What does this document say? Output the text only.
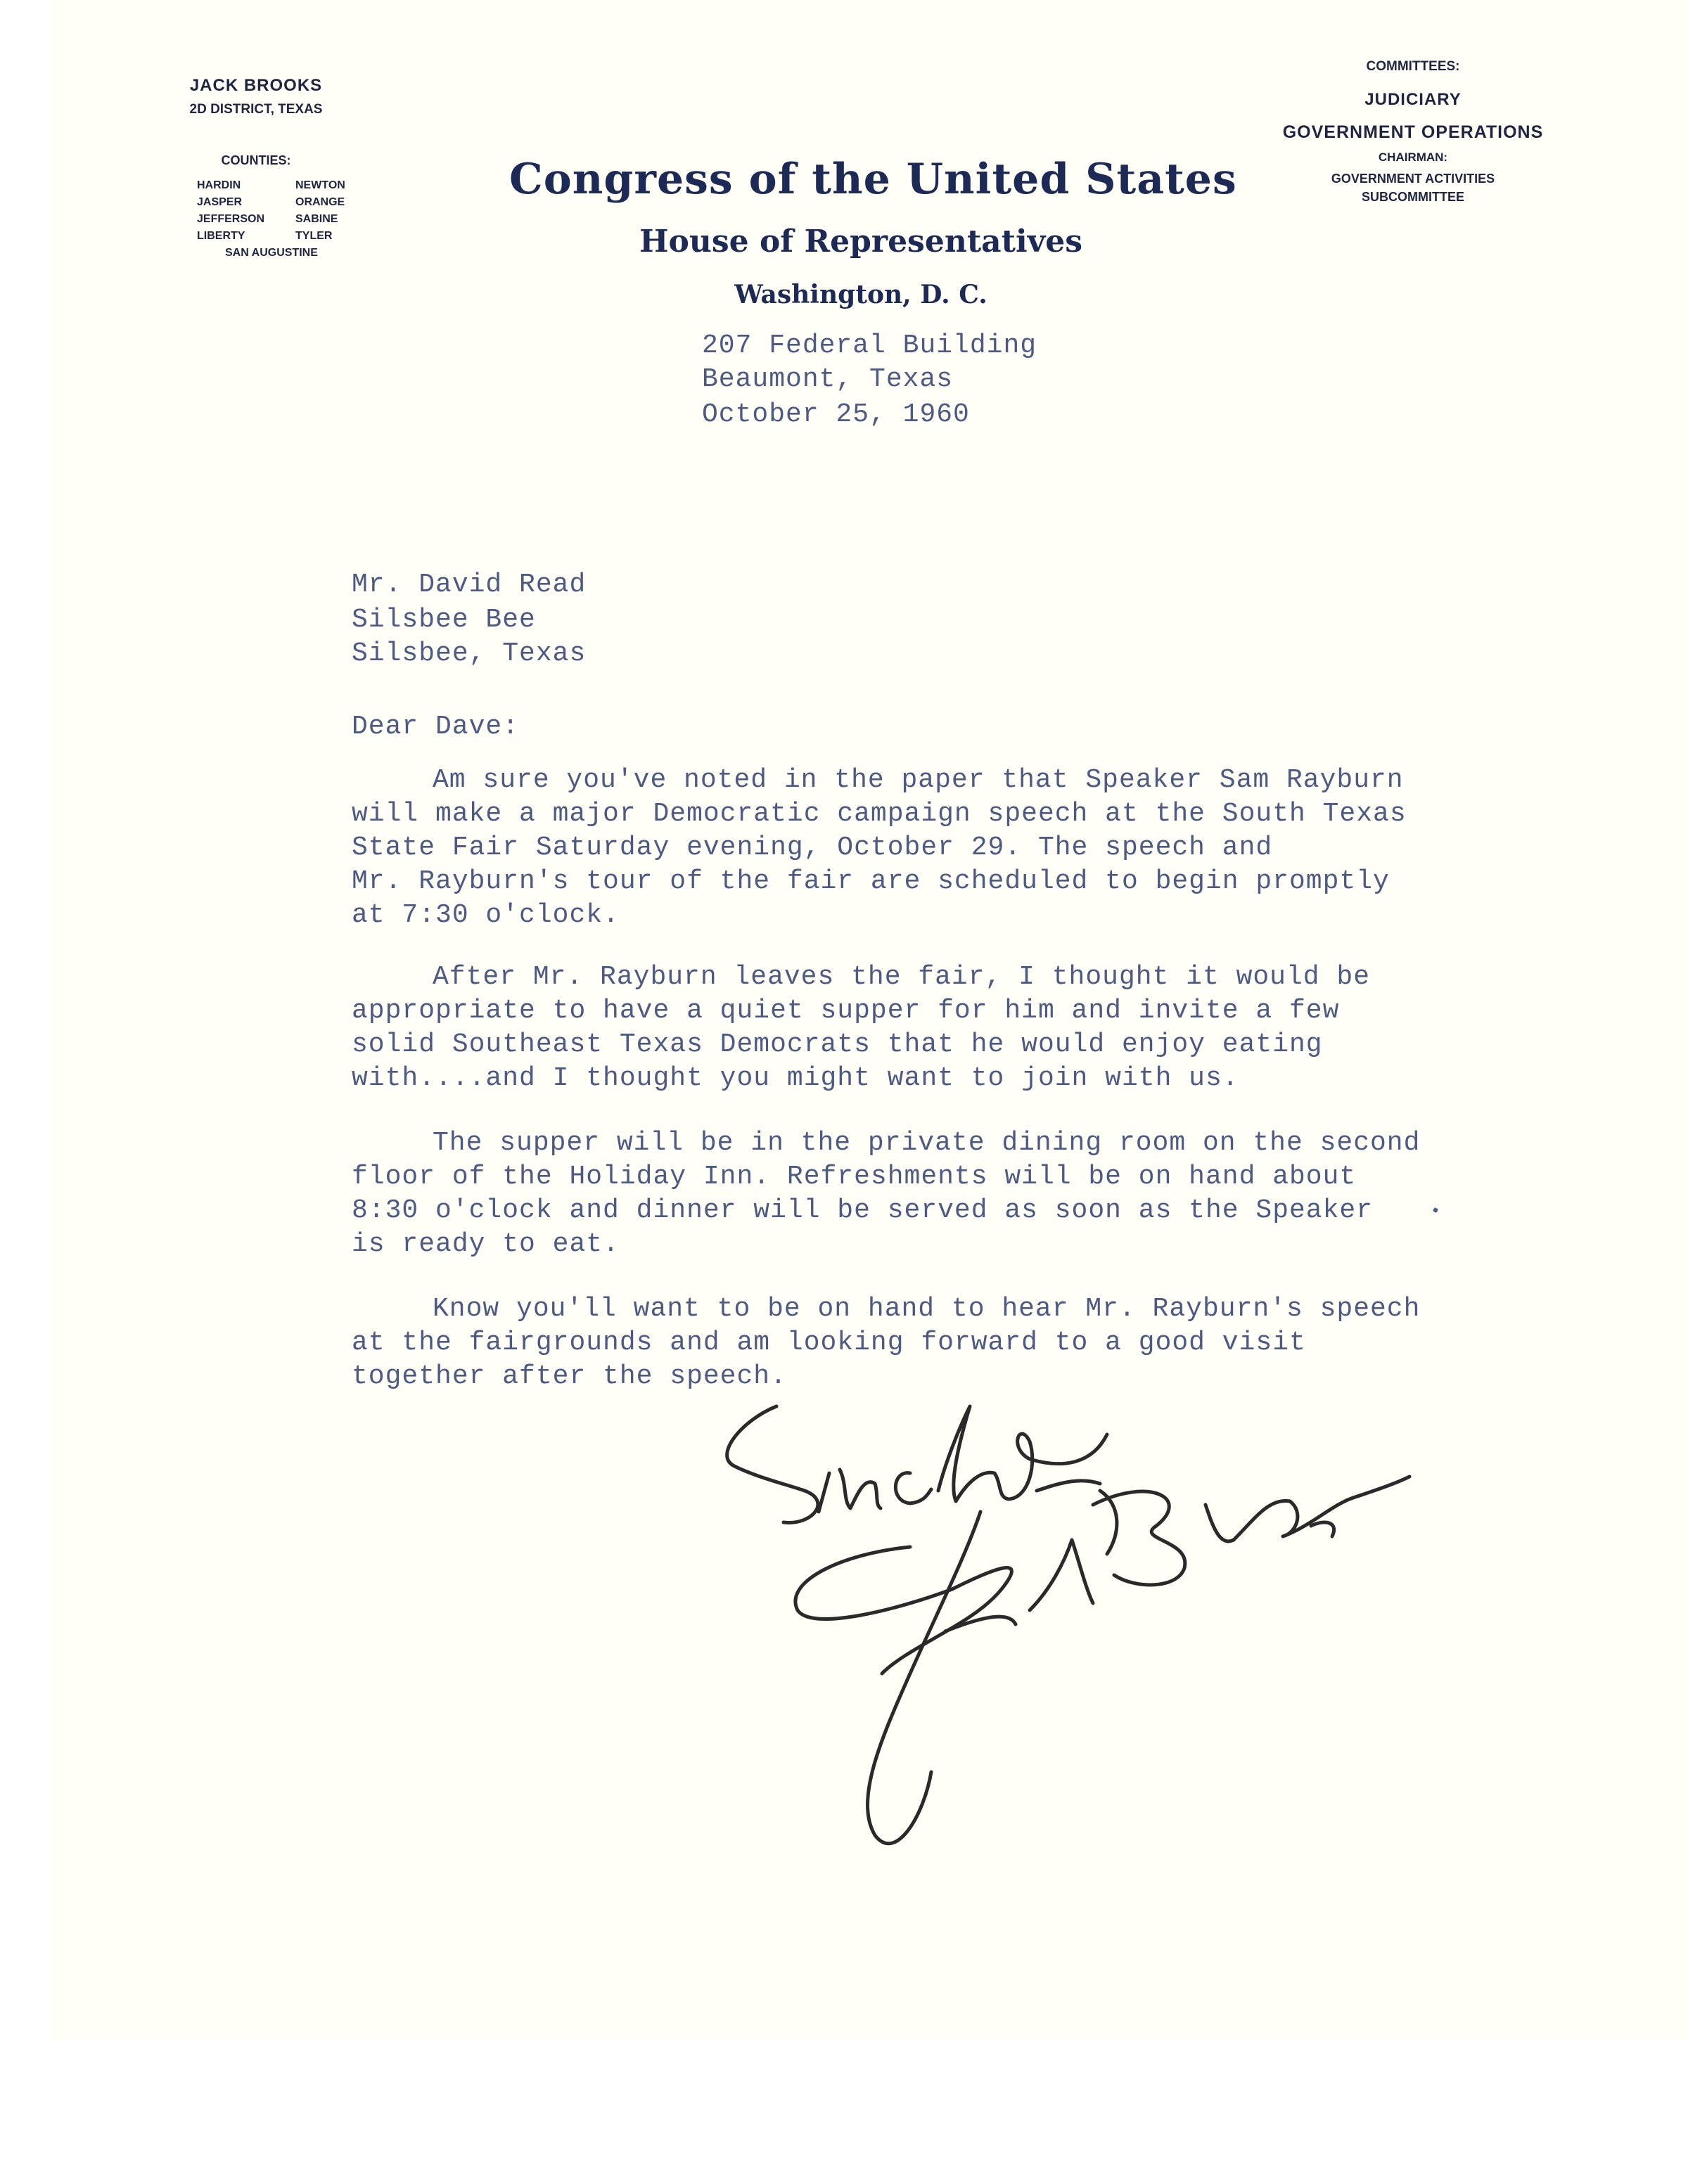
JACK BROOKS
2D DISTRICT, TEXAS
COUNTIES:
HARDIN	NEWTON
JASPER	ORANGE
JEFFERSON	SABINE
LIBERTY	TYLER
SAN AUGUSTINE
Congress of the United States
House of Representatives
Washington, D. C.
COMMITTEES:
JUDICIARY
GOVERNMENT OPERATIONS
CHAIRMAN:
GOVERNMENT ACTIVITIES
SUBCOMMITTEE
207 Federal Building
Beaumont, Texas
October 25, 1960
Mr. David Read
Silsbee Bee
Silsbee, Texas
Dear Dave:
Am sure you've noted in the paper that Speaker Sam Rayburn
will make a major Democratic campaign speech at the South Texas
State Fair Saturday evening, October 29. The speech and
Mr. Rayburn's tour of the fair are scheduled to begin promptly
at 7:30 o'clock.
After Mr. Rayburn leaves the fair, I thought it would be
appropriate to have a quiet supper for him and invite a few
solid Southeast Texas Democrats that he would enjoy eating
with....and I thought you might want to join with us.
The supper will be in the private dining room on the second
floor of the Holiday Inn. Refreshments will be on hand about
8:30 o'clock and dinner will be served as soon as the Speaker
is ready to eat.
Know you'll want to be on hand to hear Mr. Rayburn's speech
at the fairgrounds and am looking forward to a good visit
together after the speech.
